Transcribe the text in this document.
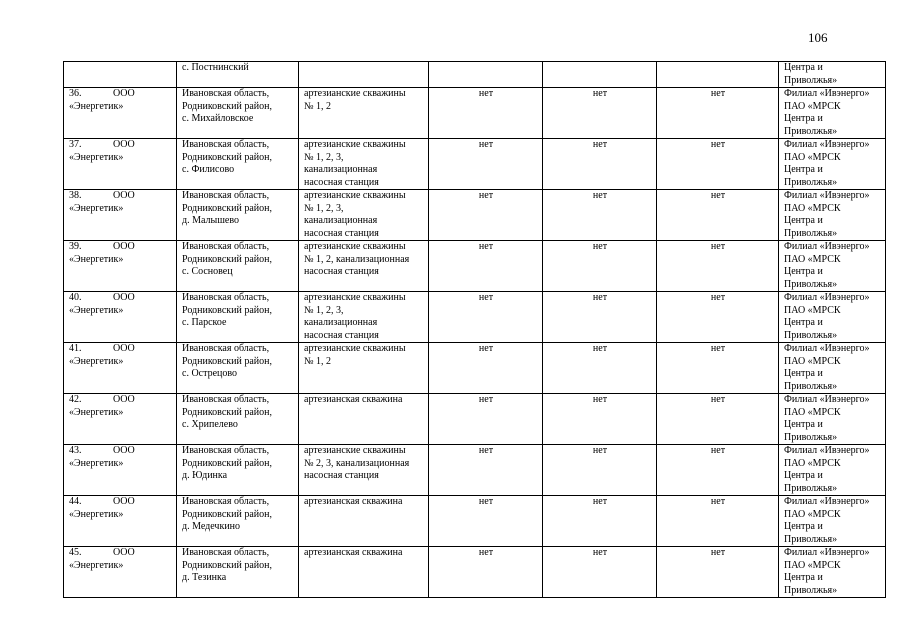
106
	с. Постнинский					Центра и
Приволжья»
36. ООО
«Энергетик»	Ивановская область,
Родниковский район,
с. Михайловское	артезианские скважины
№ 1, 2	нет	нет	нет	Филиал «Ивэнерго»
ПАО «МРСК
Центра и
Приволжья»
37. ООО
«Энергетик»	Ивановская область,
Родниковский район,
с. Филисово	артезианские скважины
№ 1, 2, 3,
канализационная
насосная станция	нет	нет	нет	Филиал «Ивэнерго»
ПАО «МРСК
Центра и
Приволжья»
38. ООО
«Энергетик»	Ивановская область,
Родниковский район,
д. Малышево	артезианские скважины
№ 1, 2, 3,
канализационная
насосная станция	нет	нет	нет	Филиал «Ивэнерго»
ПАО «МРСК
Центра и
Приволжья»
39. ООО
«Энергетик»	Ивановская область,
Родниковский район,
с. Сосновец	артезианские скважины
№ 1, 2, канализационная
насосная станция	нет	нет	нет	Филиал «Ивэнерго»
ПАО «МРСК
Центра и
Приволжья»
40. ООО
«Энергетик»	Ивановская область,
Родниковский район,
с. Парское	артезианские скважины
№ 1, 2, 3,
канализационная
насосная станция	нет	нет	нет	Филиал «Ивэнерго»
ПАО «МРСК
Центра и
Приволжья»
41. ООО
«Энергетик»	Ивановская область,
Родниковский район,
с. Острецово	артезианские скважины
№ 1, 2	нет	нет	нет	Филиал «Ивэнерго»
ПАО «МРСК
Центра и
Приволжья»
42. ООО
«Энергетик»	Ивановская область,
Родниковский район,
с. Хрипелево	артезианская скважина	нет	нет	нет	Филиал «Ивэнерго»
ПАО «МРСК
Центра и
Приволжья»
43. ООО
«Энергетик»	Ивановская область,
Родниковский район,
д. Юдинка	артезианские скважины
№ 2, 3, канализационная
насосная станция	нет	нет	нет	Филиал «Ивэнерго»
ПАО «МРСК
Центра и
Приволжья»
44. ООО
«Энергетик»	Ивановская область,
Родниковский район,
д. Медечкино	артезианская скважина	нет	нет	нет	Филиал «Ивэнерго»
ПАО «МРСК
Центра и
Приволжья»
45. ООО
«Энергетик»	Ивановская область,
Родниковский район,
д. Тезинка	артезианская скважина	нет	нет	нет	Филиал «Ивэнерго»
ПАО «МРСК
Центра и
Приволжья»
